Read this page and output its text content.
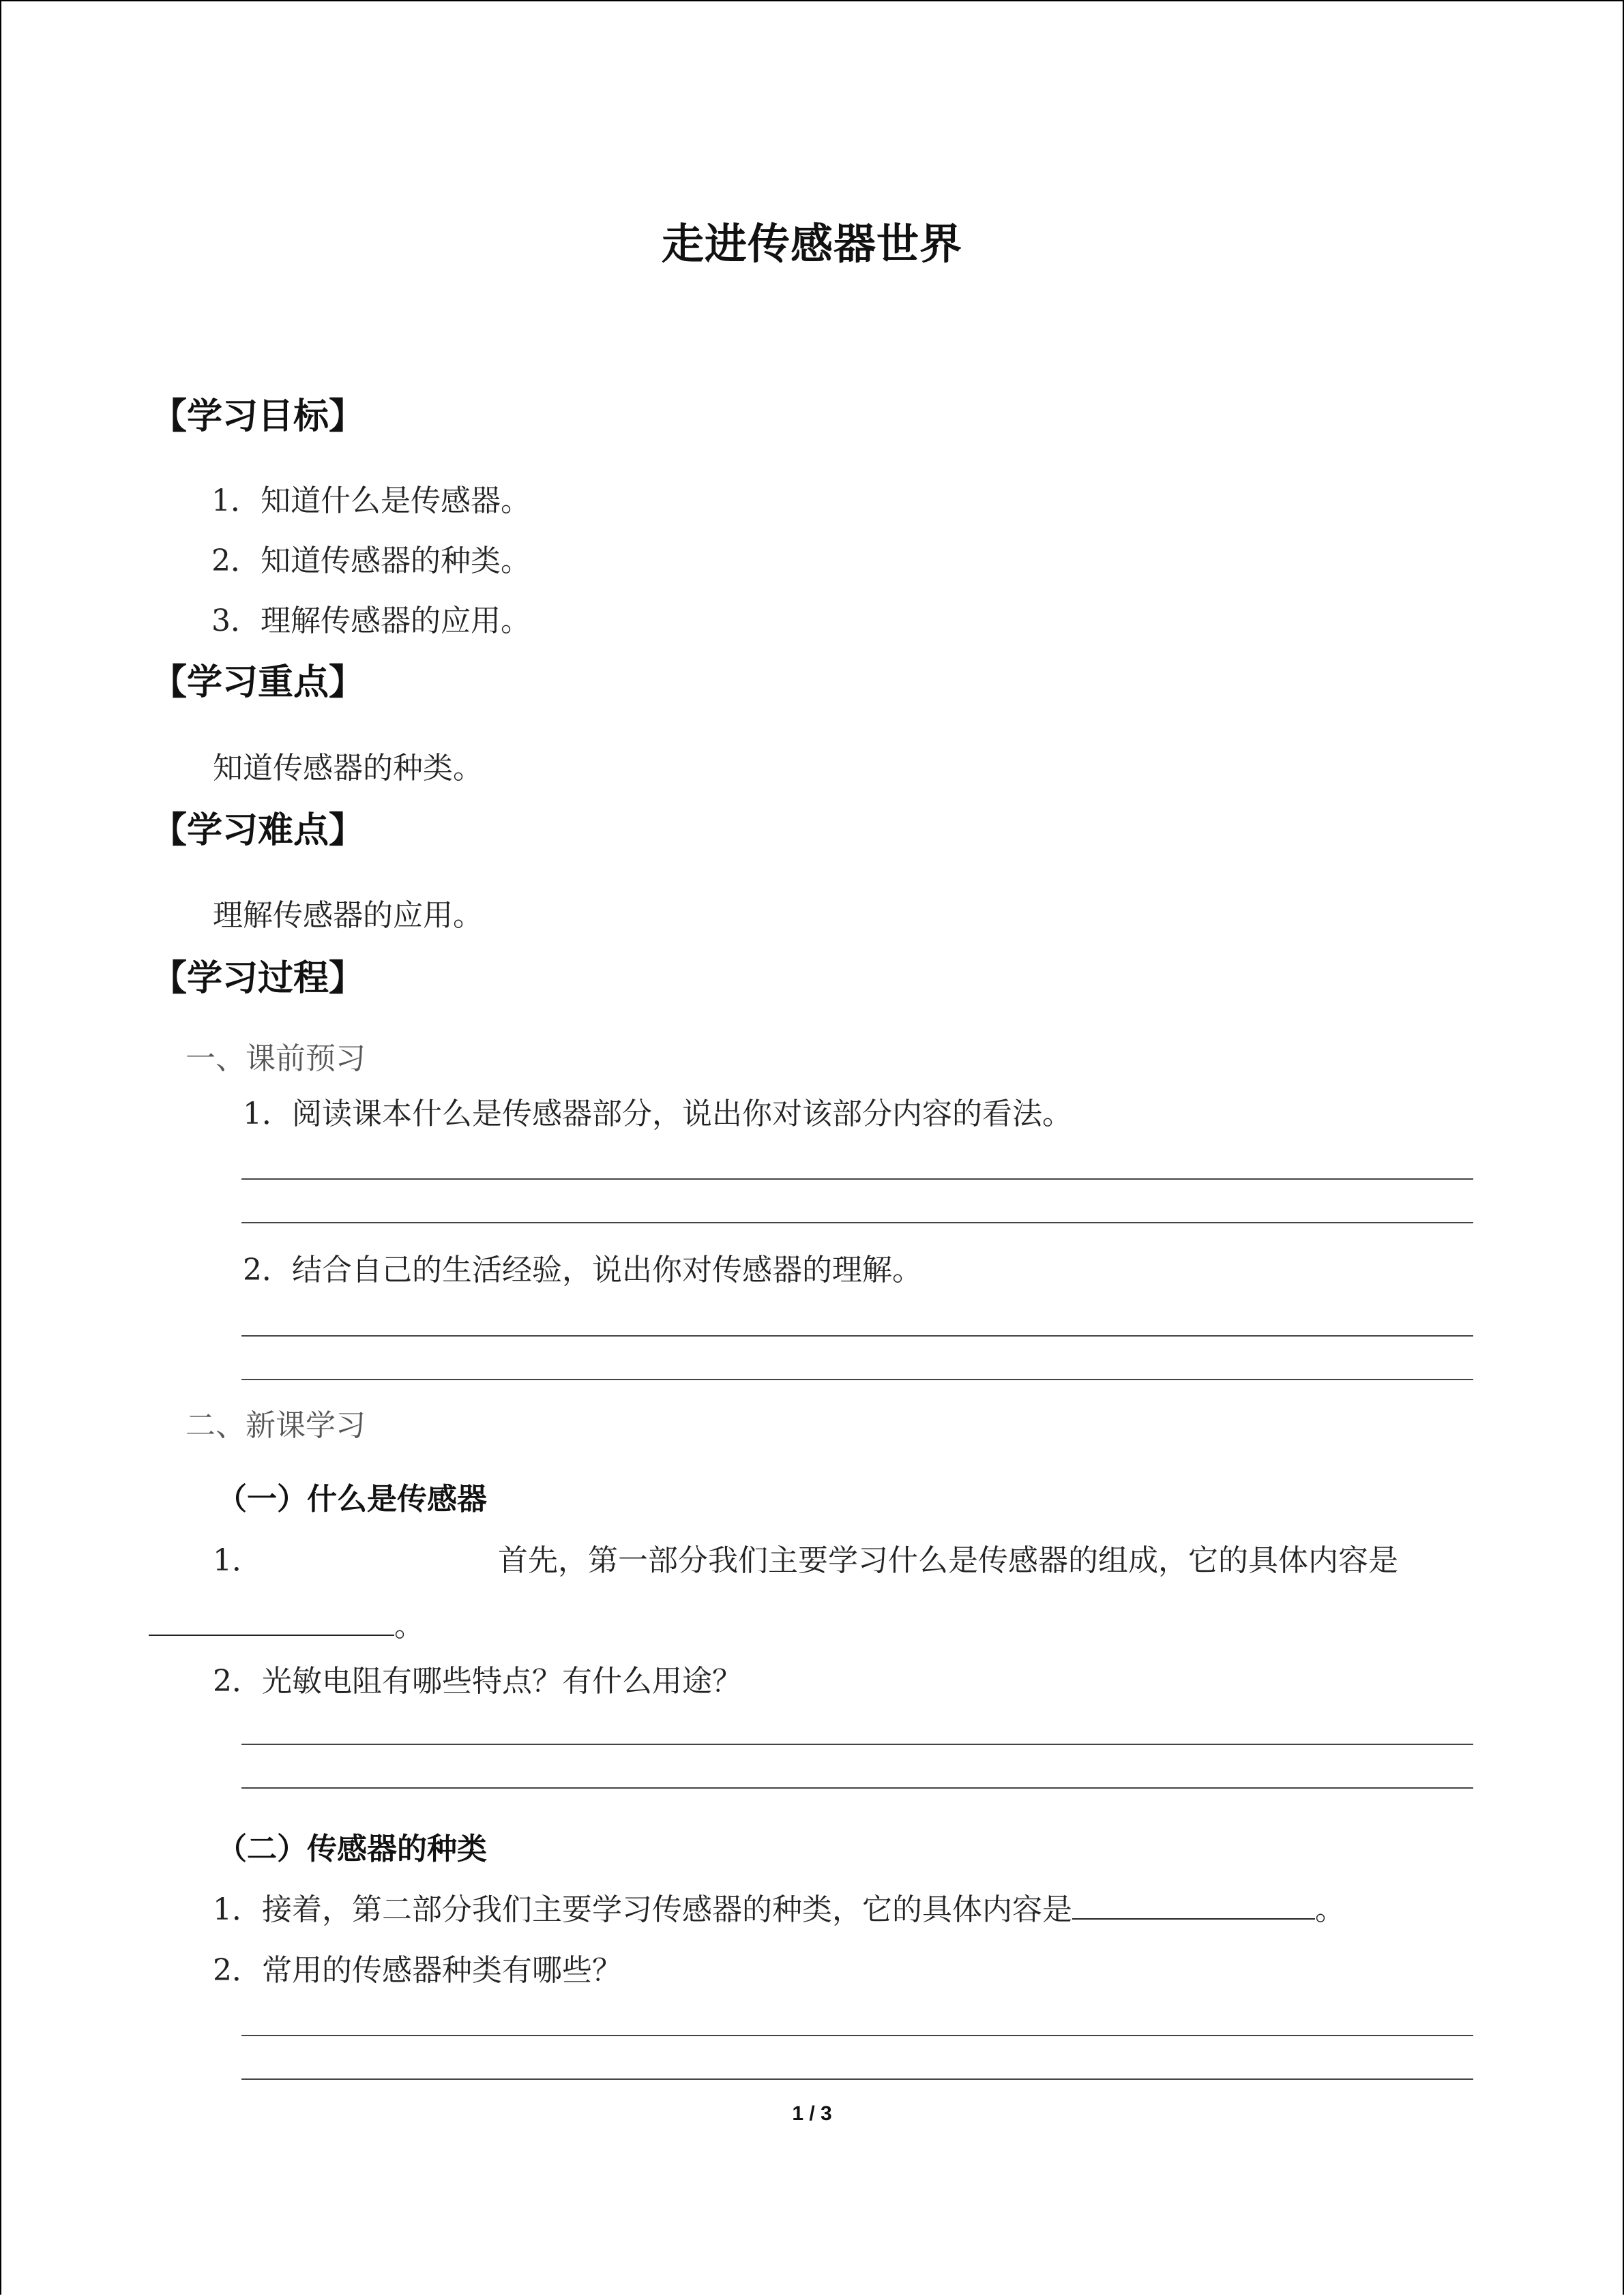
走进传感器世界
【学习目标】
1．知道什么是传感器。
2．知道传感器的种类。
3．理解传感器的应用。
【学习重点】
知道传感器的种类。
【学习难点】
理解传感器的应用。
【学习过程】
一、课前预习
1．阅读课本什么是传感器部分，说出你对该部分内容的看法。
2．结合自己的生活经验，说出你对传感器的理解。
二、新课学习
（一）什么是传感器
1．	首先，第一部分我们主要学习什么是传感器的组成，它的具体内容是
。
2．光敏电阻有哪些特点？有什么用途？
（二）传感器的种类
1．接着，第二部分我们主要学习传感器的种类，它的具体内容是	。
2．常用的传感器种类有哪些？
1 / 3
